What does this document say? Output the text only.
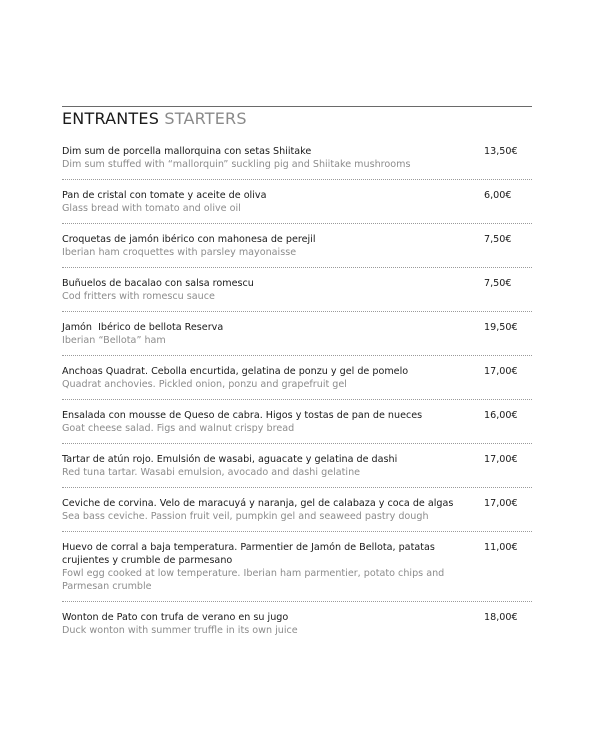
ENTRANTES STARTERS
Dim sum de porcella mallorquina con setas Shiitake
Dim sum stuffed with “mallorquin” suckling pig and Shiitake mushrooms
13,50€
Pan de cristal con tomate y aceite de oliva
Glass bread with tomato and olive oil
6,00€
Croquetas de jamón ibérico con mahonesa de perejil
Iberian ham croquettes with parsley mayonaisse
7,50€
Buñuelos de bacalao con salsa romescu
Cod fritters with romescu sauce
7,50€
Jamón  Ibérico de bellota Reserva
Iberian “Bellota” ham
19,50€
Anchoas Quadrat. Cebolla encurtida, gelatina de ponzu y gel de pomelo
Quadrat anchovies. Pickled onion, ponzu and grapefruit gel
17,00€
Ensalada con mousse de Queso de cabra. Higos y tostas de pan de nueces
Goat cheese salad. Figs and walnut crispy bread
16,00€
Tartar de atún rojo. Emulsión de wasabi, aguacate y gelatina de dashi
Red tuna tartar. Wasabi emulsion, avocado and dashi gelatine
17,00€
Ceviche de corvina. Velo de maracuyá y naranja, gel de calabaza y coca de algas
Sea bass ceviche. Passion fruit veil, pumpkin gel and seaweed pastry dough
17,00€
Huevo de corral a baja temperatura. Parmentier de Jamón de Bellota, patatas crujientes y crumble de parmesano
Fowl egg cooked at low temperature. Iberian ham parmentier, potato chips and Parmesan crumble
11,00€
Wonton de Pato con trufa de verano en su jugo
Duck wonton with summer truffle in its own juice
18,00€
